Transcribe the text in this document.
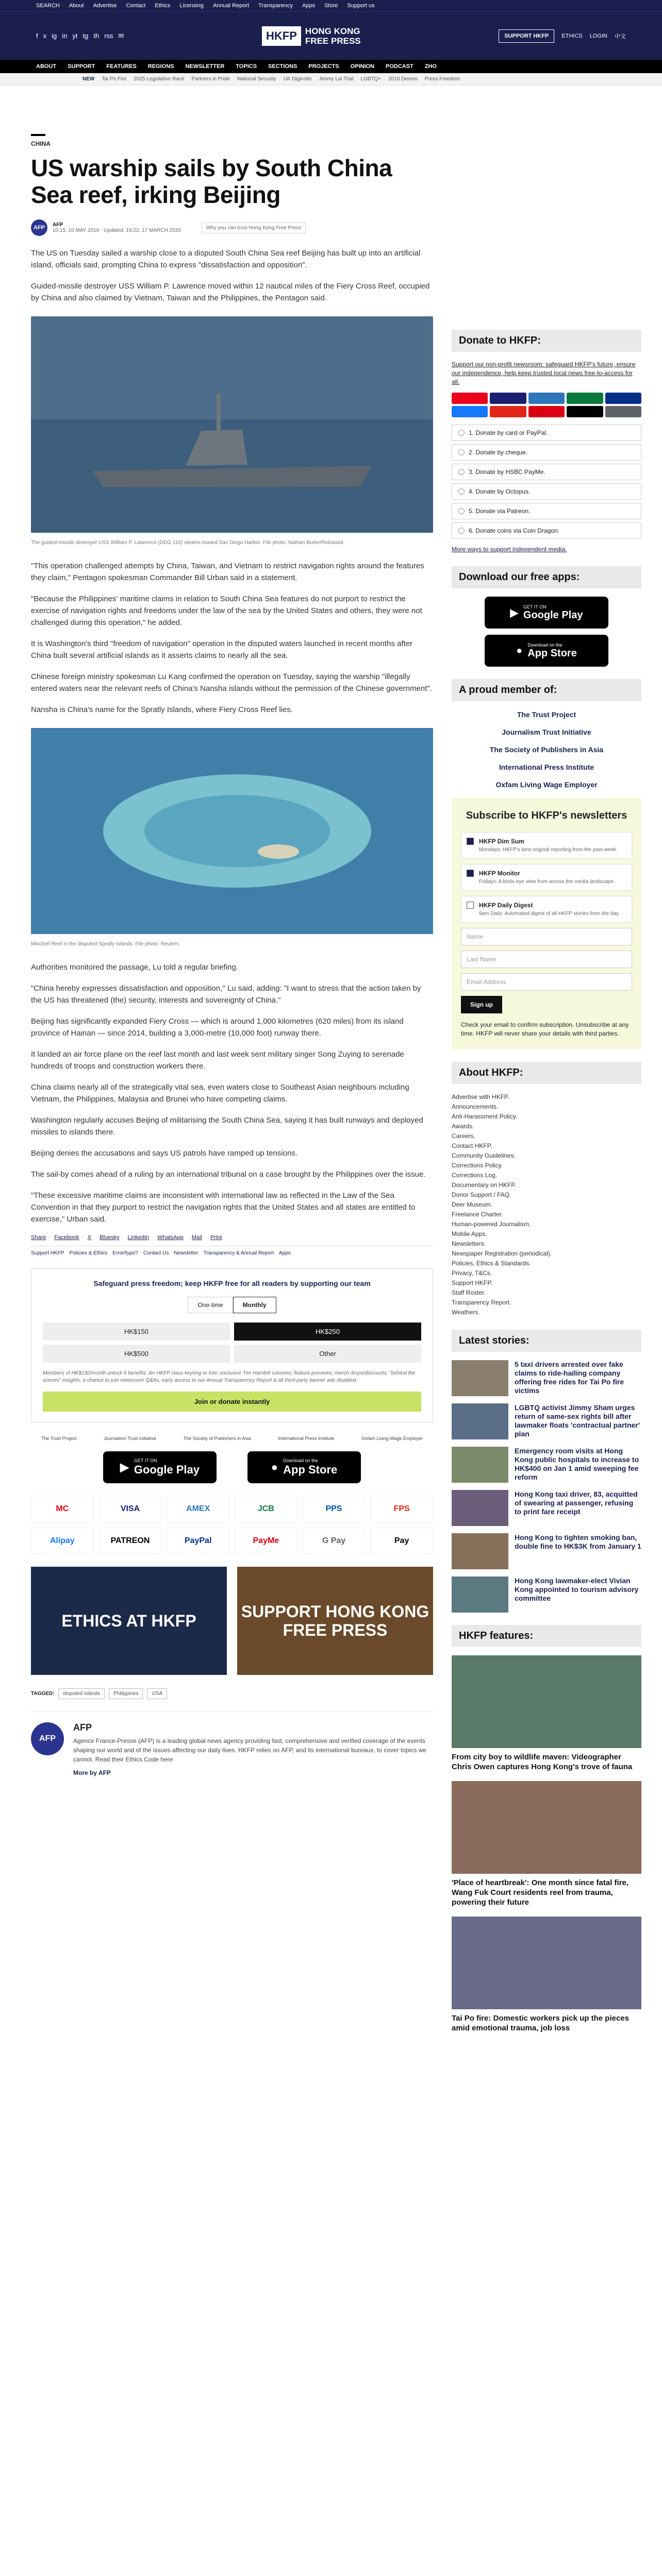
SEARCH About Advertise Contact Ethics Licensing Annual Report Transparency Apps Store Support us
f x ig in yt tg th rss ✉	HKFP HONG KONG
FREE PRESS	SUPPORT HKFP	ETHICS LOGIN 中文
ABOUT SUPPORT FEATURES REGIONS NEWSLETTER TOPICS SECTIONS PROJECTS OPINION PODCAST ZHO
NEW Tai Po Fire 2025 Legislative Race Partners in Pride National Security UK Diginsite Jimmy Lai Trial LGBTQ+ 2019 Demos Press Freedom
CHINA
US warship sails by South China Sea reef, irking Beijing
AFP	AFP
10:15, 10 MAY 2016 · Updated: 19:22, 17 MARCH 2020	Why you can trust Hong Kong Free Press

The US on Tuesday sailed a warship close to a disputed South China Sea reef Beijing has built up into an artificial island, officials said, prompting China to express "dissatisfaction and opposition".

Guided-missile destroyer USS William P. Lawrence moved within 12 nautical miles of the Fiery Cross Reef, occupied by China and also claimed by Vietnam, Taiwan and the Philippines, the Pentagon said.

The guided-missile destroyer USS William P. Lawrence (DDG 110) steams toward San Diego Harbor. File photo: Nathan Burke/Released.

"This operation challenged attempts by China, Taiwan, and Vietnam to restrict navigation rights around the features they claim," Pentagon spokesman Commander Bill Urban said in a statement.

"Because the Philippines' maritime claims in relation to South China Sea features do not purport to restrict the exercise of navigation rights and freedoms under the law of the sea by the United States and others, they were not challenged during this operation," he added.

It is Washington's third "freedom of navigation" operation in the disputed waters launched in recent months after China built several artificial islands as it asserts claims to nearly all the sea.

Chinese foreign ministry spokesman Lu Kang confirmed the operation on Tuesday, saying the warship "illegally entered waters near the relevant reefs of China's Nansha islands without the permission of the Chinese government".

Nansha is China's name for the Spratly Islands, where Fiery Cross Reef lies.

Mischief Reef in the disputed Spratly Islands. File photo: Reuters.

Authorities monitored the passage, Lu told a regular briefing.

"China hereby expresses dissatisfaction and opposition," Lu said, adding: "I want to stress that the action taken by the US has threatened (the) security, interests and sovereignty of China."

Beijing has significantly expanded Fiery Cross — which is around 1,000 kilometres (620 miles) from its island province of Hainan — since 2014, building a 3,000-metre (10,000 foot) runway there.

It landed an air force plane on the reef last month and last week sent military singer Song Zuying to serenade hundreds of troops and construction workers there.

China claims nearly all of the strategically vital sea, even waters close to Southeast Asian neighbours including Vietnam, the Philippines, Malaysia and Brunei who have competing claims.

Washington regularly accuses Beijing of militarising the South China Sea, saying it has built runways and deployed missiles to islands there.

Beijing denies the accusations and says US patrols have ramped up tensions.

The sail-by comes ahead of a ruling by an international tribunal on a case brought by the Philippines over the issue.

"These excessive maritime claims are inconsistent with international law as reflected in the Law of the Sea Convention in that they purport to restrict the navigation rights that the United States and all states are entitled to exercise," Urban said.

Share Facebook X Bluesky LinkedIn WhatsApp Mail Print
Support HKFP Policies & Ethics Error/typo? Contact Us Newsletter Transparency & Annual Report Apps
Safeguard press freedom; keep HKFP free for all readers by supporting our team
One-time	Monthly
HK$150	HK$250
HK$500	Other
Members of HK$150/month unlock 6 benefits: An HKFP class keyring or tote; exclusive Tim Hamlett columns; feature previews; merch drops/discounts; "behind the scenes" insights; a chance to join newsroom Q&As, early access to our Annual Transparency Report & all third-party banner ads disabled.
Join or donate instantly
The Trust Project	Journalism Trust Initiative	The Society of Publishers in Asia	International Press Institute	Oxfam Living Wage Employer
▶ GET IT ON
Google Play	● Download on the
App Store
MC	VISA	AMEX	JCB	PPS	FPS
Alipay	PATREON	PayPal	PayMe	G Pay	Pay
ETHICS AT HKFP	SUPPORT HONG KONG FREE PRESS
TAGGED:	disputed islands	Philippines	USA
AFP
AFP

Agence France-Presse (AFP) is a leading global news agency providing fast, comprehensive and verified coverage of the events shaping our world and of the issues affecting our daily lives. HKFP relies on AFP, and its international bureaux, to cover topics we cannot. Read their Ethics Code here

More by AFP

Donate to HKFP:

Support our non-profit newsroom: safeguard HKFP's future, ensure our independence, help keep trusted local news free-to-access for all.

1. Donate by card or PayPal.
2. Donate by cheque.
3. Donate by HSBC PayMe.
4. Donate by Octopus.
5. Donate via Patreon.
6. Donate coins via Coin Dragon.

More ways to support independent media.

Download our free apps:
▶
GET IT ON
Google Play
● Download on the
App Store
A proud member of:
The Trust Project
Journalism Trust Initiative
The Society of Publishers in Asia
International Press Institute
Oxfam Living Wage Employer
Subscribe to HKFP's newsletters
HKFP Dim Sum
Mondays: HKFP's best original reporting from the past week.
HKFP Monitor
Fridays: A birds-eye view from across the media landscape.
HKFP Daily Digest
9am Daily: Automated digest of all HKFP stories from the day.
Name
Last Name
Email Address
Sign up

Check your email to confirm subscription. Unsubscribe at any time. HKFP will never share your details with third parties.

About HKFP:
Advertise with HKFP.
Announcements.
Anti-Harassment Policy.
Awards.
Careers.
Contact HKFP.
Community Guidelines.
Corrections Policy.
Corrections Log.
Documentary on HKFP.
Donor Support / FAQ.
Deer Museum.
Freelance Charter.
Human-powered Journalism.
Mobile Apps.
Newsletters.
Newspaper Registration (periodical).
Policies, Ethics & Standards.
Privacy, T&Cs.
Support HKFP.
Staff Roster.
Transparency Report.
Weathers.
Latest stories:
5 taxi drivers arrested over fake claims to ride-hailing company offering free rides for Tai Po fire victims
LGBTQ activist Jimmy Sham urges return of same-sex rights bill after lawmaker floats 'contractual partner' plan
Emergency room visits at Hong Kong public hospitals to increase to HK$400 on Jan 1 amid sweeping fee reform
Hong Kong taxi driver, 83, acquitted of swearing at passenger, refusing to print fare receipt
Hong Kong to tighten smoking ban, double fine to HK$3K from January 1
Hong Kong lawmaker-elect Vivian Kong appointed to tourism advisory committee
HKFP features:
From city boy to wildlife maven: Videographer Chris Owen captures Hong Kong's trove of fauna
'Place of heartbreak': One month since fatal fire, Wang Fuk Court residents reel from trauma, powering their future
Tai Po fire: Domestic workers pick up the pieces amid emotional trauma, job loss
